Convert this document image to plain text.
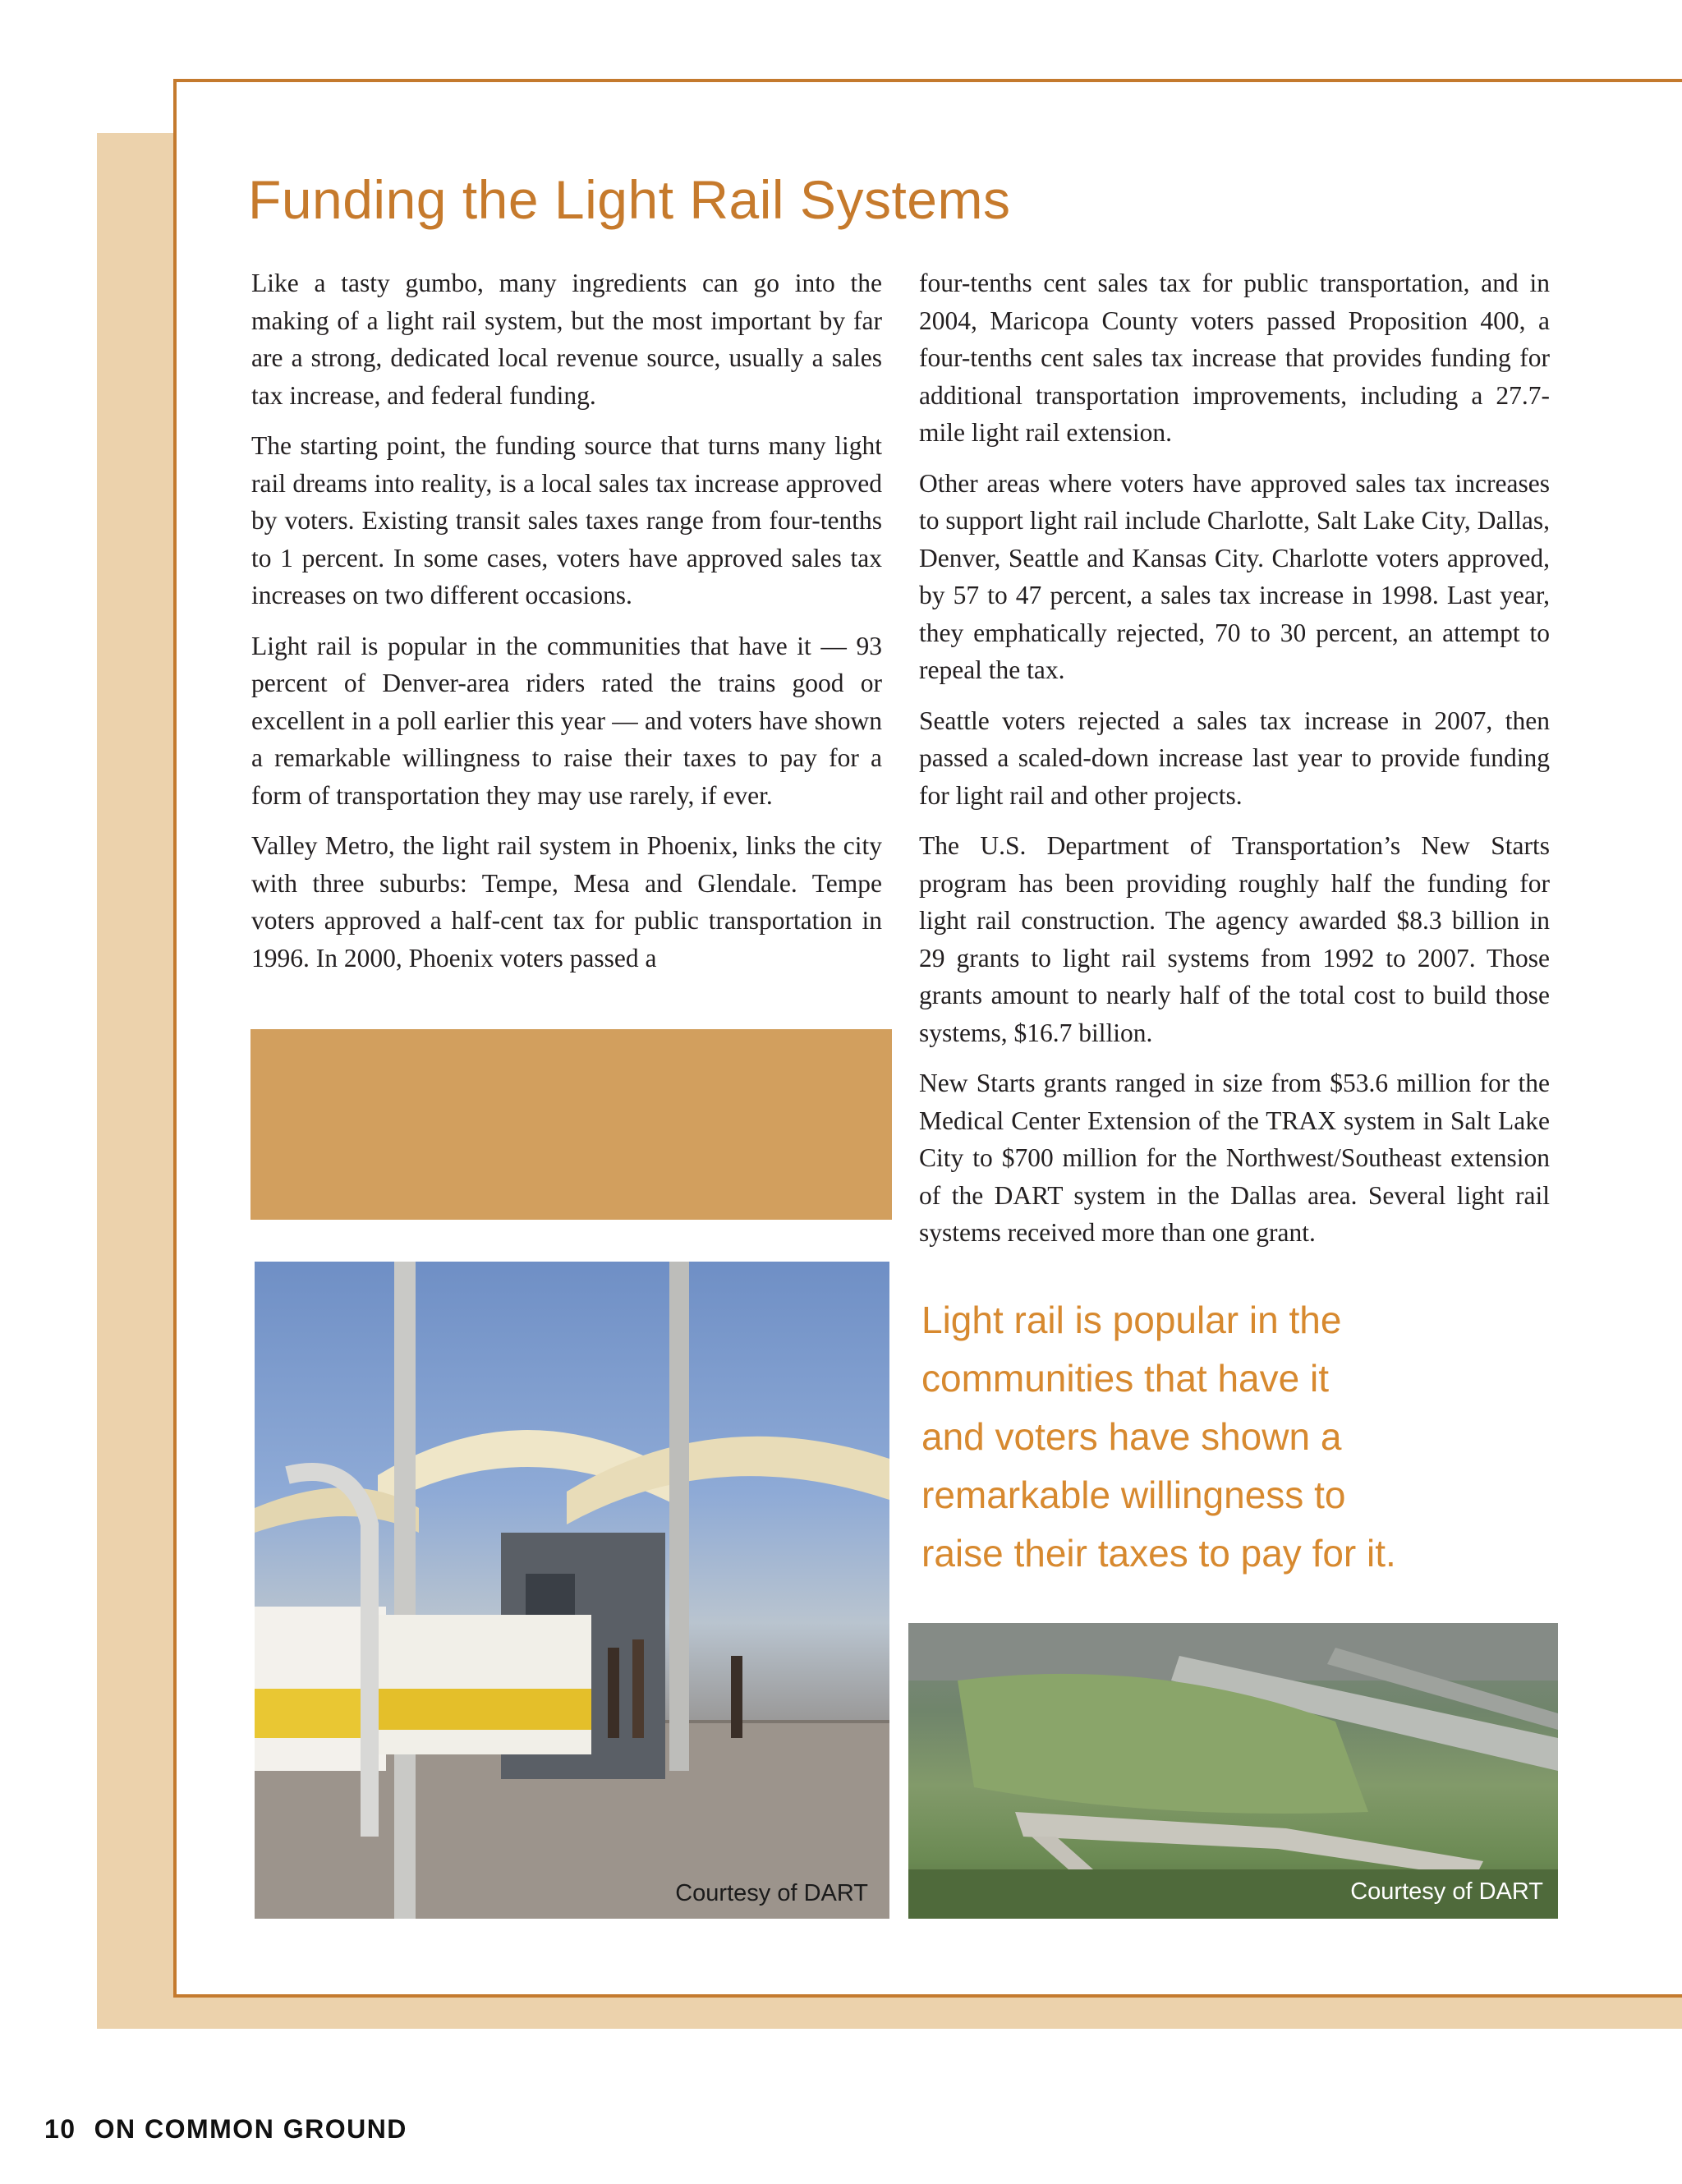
Funding the Light Rail Systems

Like a tasty gumbo, many ingredients can go into the making of a light rail system, but the most important by far are a strong, dedicated local revenue source, usually a sales tax increase, and federal funding.

The starting point, the funding source that turns many light rail dreams into reality, is a local sales tax increase approved by voters. Existing transit sales taxes range from four-tenths to 1 percent. In some cases, voters have approved sales tax increases on two different occasions.

Light rail is popular in the communities that have it — 93 percent of Denver-area riders rated the trains good or excellent in a poll earlier this year — and voters have shown a remarkable willingness to raise their taxes to pay for a form of transportation they may use rarely, if ever.

Valley Metro, the light rail system in Phoenix, links the city with three suburbs: Tempe, Mesa and Glendale. Tempe voters approved a half-cent tax for public transportation in 1996. In 2000, Phoenix voters passed a

four-tenths cent sales tax for public transportation, and in 2004, Maricopa County voters passed Proposition 400, a four-tenths cent sales tax increase that provides funding for additional transportation improvements, including a 27.7-mile light rail extension.

Other areas where voters have approved sales tax increases to support light rail include Charlotte, Salt Lake City, Dallas, Denver, Seattle and Kansas City. Charlotte voters approved, by 57 to 47 percent, a sales tax increase in 1998. Last year, they emphatically rejected, 70 to 30 percent, an attempt to repeal the tax.

Seattle voters rejected a sales tax increase in 2007, then passed a scaled-down increase last year to provide funding for light rail and other projects.

The U.S. Department of Transportation’s New Starts program has been providing roughly half the funding for light rail construction. The agency awarded $8.3 billion in 29 grants to light rail systems from 1992 to 2007. Those grants amount to nearly half of the total cost to build those systems, $16.7 billion.

New Starts grants ranged in size from $53.6 million for the Medical Center Extension of the TRAX system in Salt Lake City to $700 million for the Northwest/Southeast extension of the DART system in the Dallas area. Several light rail systems received more than one grant.

Courtesy of DART
Light rail is popular in the
communities that have it
and voters have shown a
remarkable willingness to
raise their taxes to pay for it.
Courtesy of DART
10 ON COMMON GROUND
